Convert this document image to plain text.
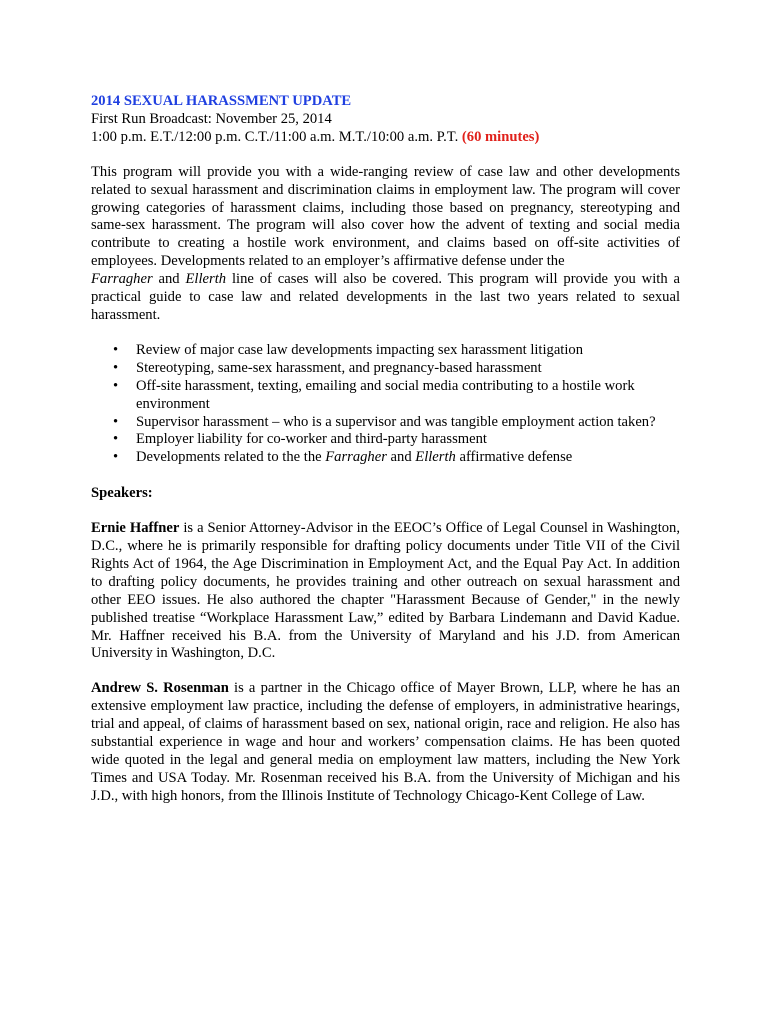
2014 SEXUAL HARASSMENT UPDATE

First Run Broadcast: November 25, 2014

1:00 p.m. E.T./12:00 p.m. C.T./11:00 a.m. M.T./10:00 a.m. P.T. (60 minutes)

This program will provide you with a wide-ranging review of case law and other developments related to sexual harassment and discrimination claims in employment law. The program will cover growing categories of harassment claims, including those based on pregnancy, stereotyping and same-sex harassment. The program will also cover how the advent of texting and social media contribute to creating a hostile work environment, and claims based on off-site activities of employees. Developments related to an employer’s affirmative defense under the
Farragher and Ellerth line of cases will also be covered. This program will provide you with a practical guide to case law and related developments in the last two years related to sexual harassment.

• Review of major case law developments impacting sex harassment litigation
• Stereotyping, same-sex harassment, and pregnancy-based harassment
• Off-site harassment, texting, emailing and social media contributing to a hostile work environment
• Supervisor harassment – who is a supervisor and was tangible employment action taken?
• Employer liability for co-worker and third-party harassment
• Developments related to the the Farragher and Ellerth affirmative defense

Speakers:

Ernie Haffner is a Senior Attorney-Advisor in the EEOC’s Office of Legal Counsel in Washington, D.C., where he is primarily responsible for drafting policy documents under Title VII of the Civil Rights Act of 1964, the Age Discrimination in Employment Act, and the Equal Pay Act. In addition to drafting policy documents, he provides training and other outreach on sexual harassment and other EEO issues. He also authored the chapter "Harassment Because of Gender," in the newly published treatise “Workplace Harassment Law,” edited by Barbara Lindemann and David Kadue. Mr. Haffner received his B.A. from the University of Maryland and his J.D. from American University in Washington, D.C.

Andrew S. Rosenman is a partner in the Chicago office of Mayer Brown, LLP, where he has an extensive employment law practice, including the defense of employers, in administrative hearings, trial and appeal, of claims of harassment based on sex, national origin, race and religion. He also has substantial experience in wage and hour and workers’ compensation claims. He has been quoted wide quoted in the legal and general media on employment law matters, including the New York Times and USA Today. Mr. Rosenman received his B.A. from the University of Michigan and his J.D., with high honors, from the Illinois Institute of Technology Chicago-Kent College of Law.
